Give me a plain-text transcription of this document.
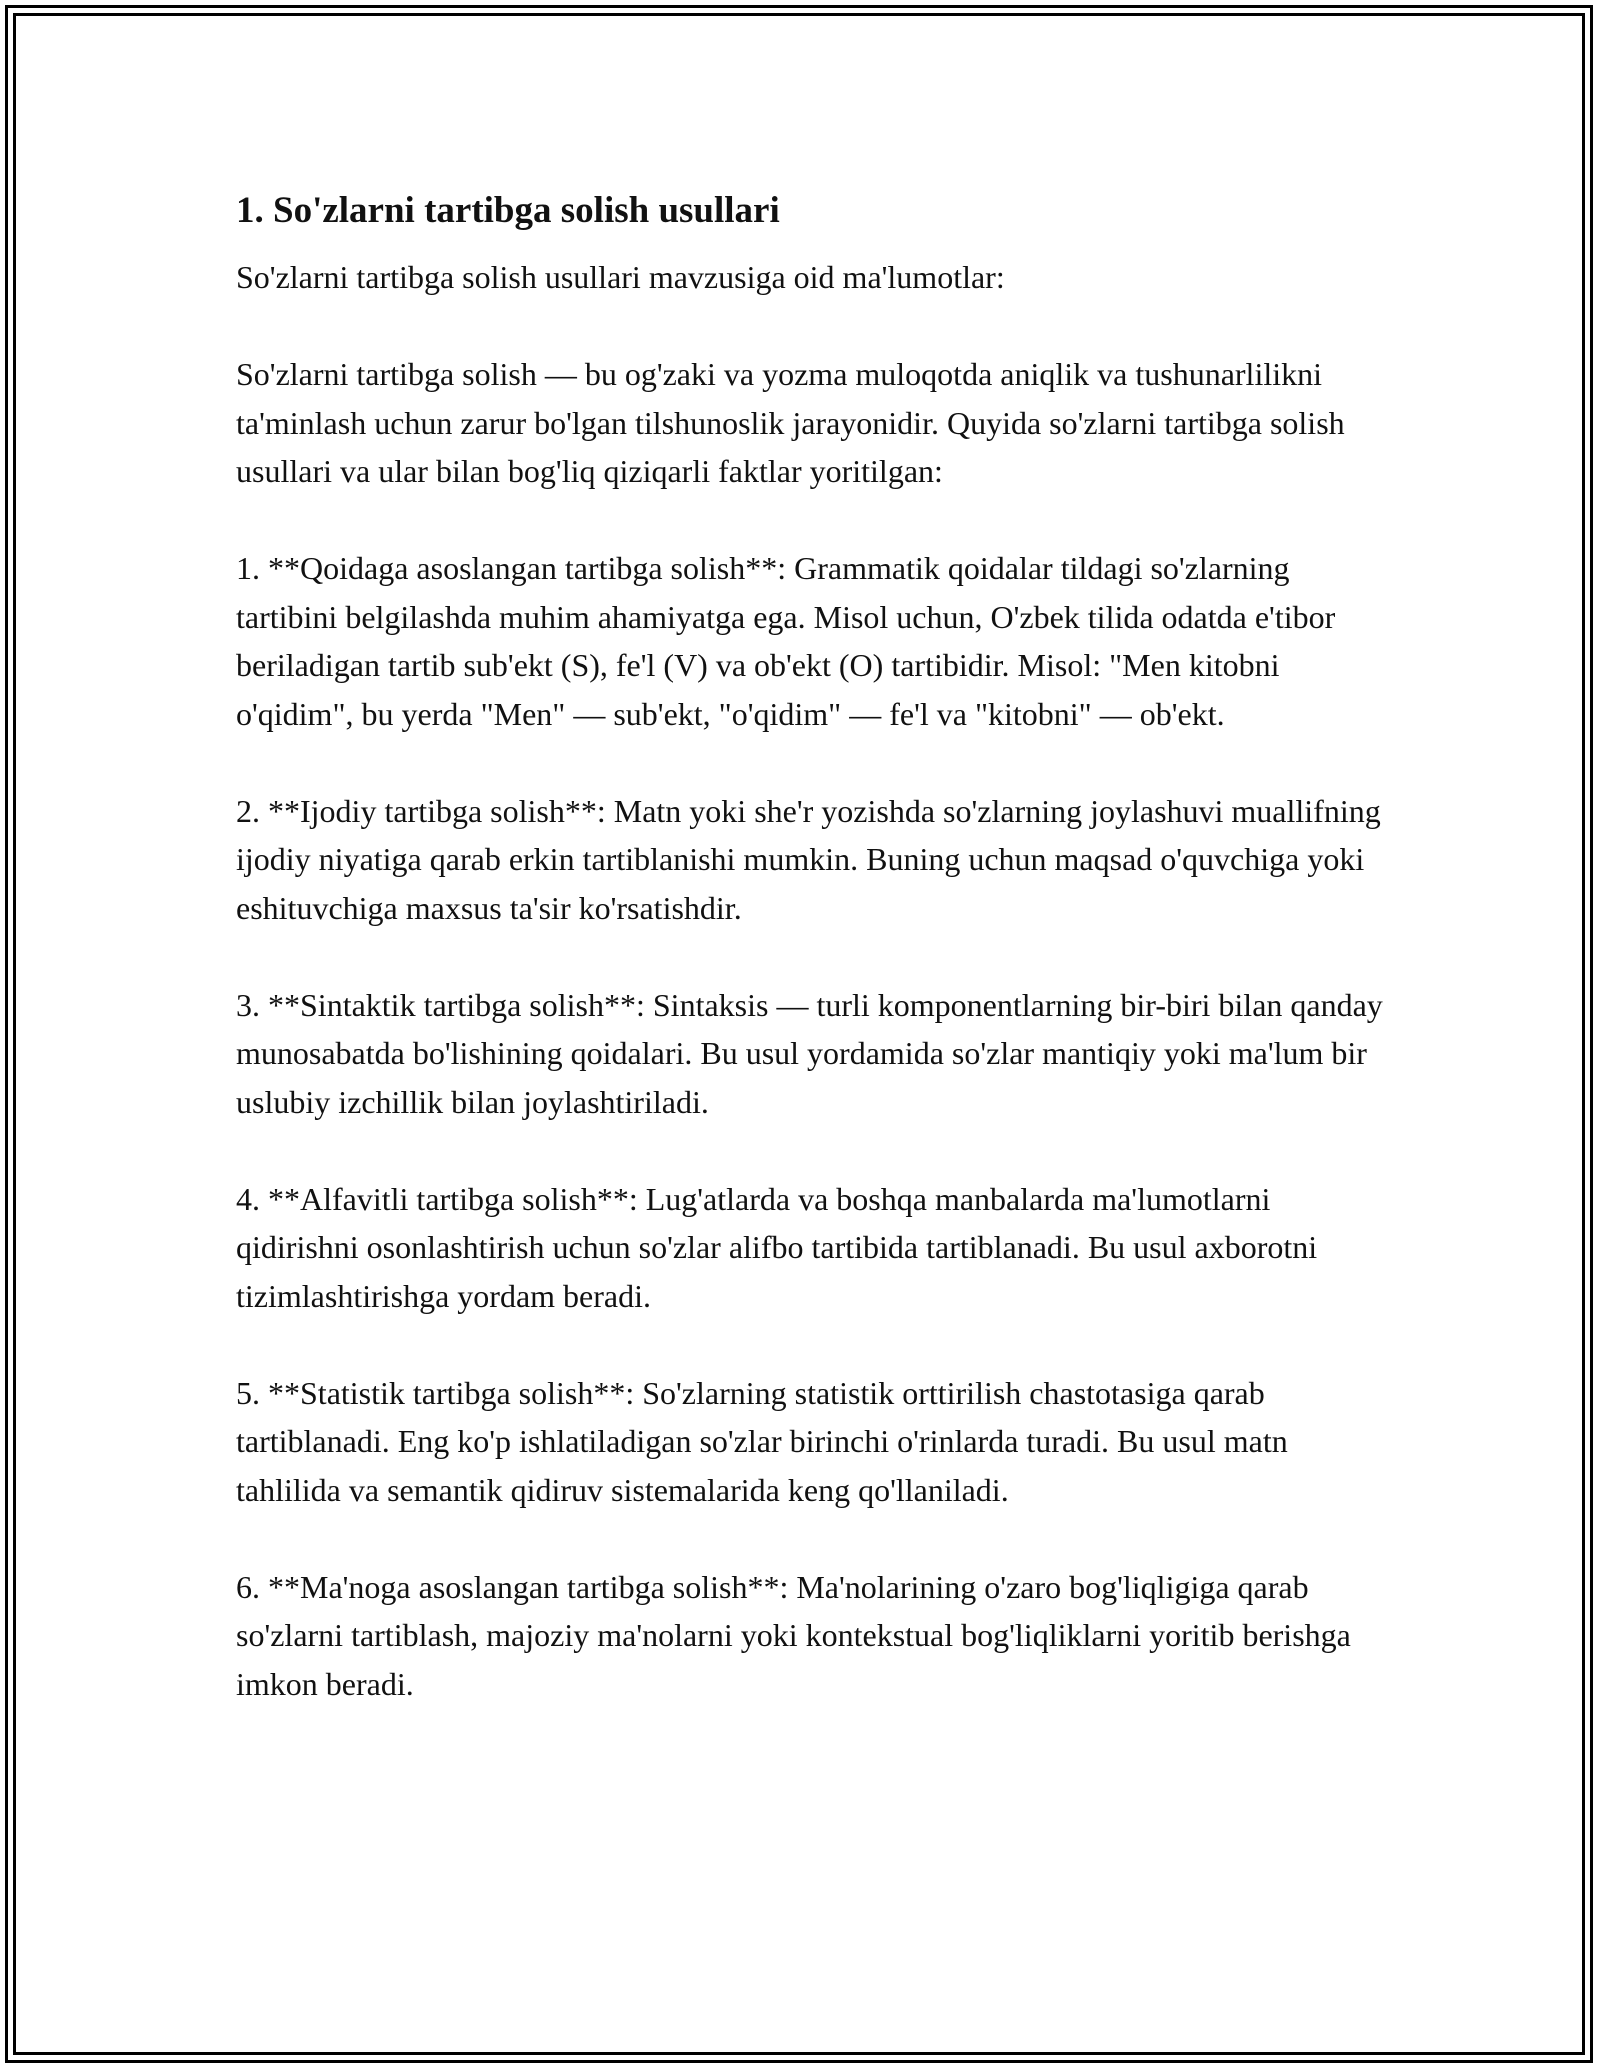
1. So'zlarni tartibga solish usullari

So'zlarni tartibga solish usullari mavzusiga oid ma'lumotlar:

So'zlarni tartibga solish — bu og'zaki va yozma muloqotda aniqlik va tushunarlilikni ta'minlash uchun zarur bo'lgan tilshunoslik jarayonidir. Quyida so'zlarni tartibga solish usullari va ular bilan bog'liq qiziqarli faktlar yoritilgan:

1. **Qoidaga asoslangan tartibga solish**: Grammatik qoidalar tildagi so'zlarning tartibini belgilashda muhim ahamiyatga ega. Misol uchun, O'zbek tilida odatda e'tibor beriladigan tartib sub'ekt (S), fe'l (V) va ob'ekt (O) tartibidir. Misol: "Men kitobni o'qidim", bu yerda "Men" — sub'ekt, "o'qidim" — fe'l va "kitobni" — ob'ekt.

2. **Ijodiy tartibga solish**: Matn yoki she'r yozishda so'zlarning joylashuvi muallifning ijodiy niyatiga qarab erkin tartiblanishi mumkin. Buning uchun maqsad o'quvchiga yoki eshituvchiga maxsus ta'sir ko'rsatishdir.

3. **Sintaktik tartibga solish**: Sintaksis — turli komponentlarning bir-biri bilan qanday munosabatda bo'lishining qoidalari. Bu usul yordamida so'zlar mantiqiy yoki ma'lum bir uslubiy izchillik bilan joylashtiriladi.

4. **Alfavitli tartibga solish**: Lug'atlarda va boshqa manbalarda ma'lumotlarni qidirishni osonlashtirish uchun so'zlar alifbo tartibida tartiblanadi. Bu usul axborotni tizimlashtirishga yordam beradi.

5. **Statistik tartibga solish**: So'zlarning statistik orttirilish chastotasiga qarab tartiblanadi. Eng ko'p ishlatiladigan so'zlar birinchi o'rinlarda turadi. Bu usul matn tahlilida va semantik qidiruv sistemalarida keng qo'llaniladi.

6. **Ma'noga asoslangan tartibga solish**: Ma'nolarining o'zaro bog'liqligiga qarab so'zlarni tartiblash, majoziy ma'nolarni yoki kontekstual bog'liqliklarni yoritib berishga imkon beradi.
